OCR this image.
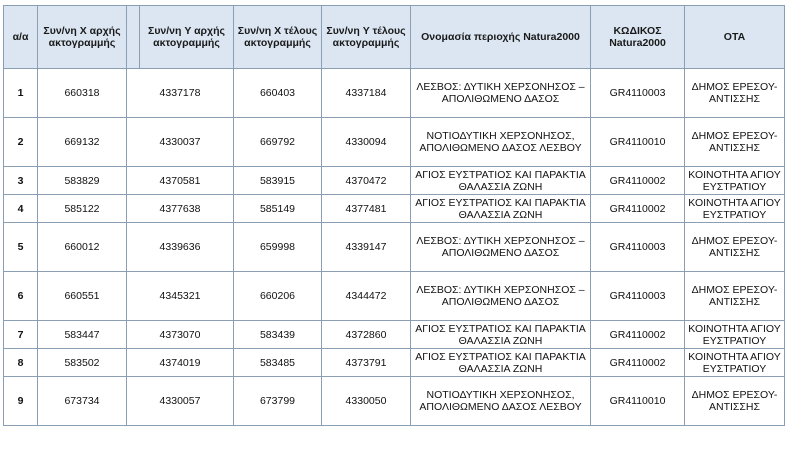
α/α	Συν/νη X αρχής ακτογραμμής		Συν/νη Y αρχής ακτογραμμής	Συν/νη X τέλους ακτογραμμής	Συν/νη Y τέλους ακτογραμμής	Ονομασία περιοχής Natura2000	ΚΩΔΙΚΟΣ Natura2000	ΟΤΑ
1	660318	4337178		660403	4337184	ΛΕΣΒΟΣ: ΔΥΤΙΚΗ ΧΕΡΣΟΝΗΣΟΣ – ΑΠΟΛΙΘΩΜΕΝΟ ΔΑΣΟΣ	GR4110003	ΔΗΜΟΣ ΕΡΕΣΟΥ-ΑΝΤΙΣΣΗΣ
2	669132	4330037		669792	4330094	ΝΟΤΙΟΔΥΤΙΚΗ ΧΕΡΣΟΝΗΣΟΣ, ΑΠΟΛΙΘΩΜΕΝΟ ΔΑΣΟΣ ΛΕΣΒΟΥ	GR4110010	ΔΗΜΟΣ ΕΡΕΣΟΥ-ΑΝΤΙΣΣΗΣ
3	583829	4370581		583915	4370472	ΑΓΙΟΣ ΕΥΣΤΡΑΤΙΟΣ ΚΑΙ ΠΑΡΑΚΤΙΑ ΘΑΛΑΣΣΙΑ ΖΩΝΗ	GR4110002	ΚΟΙΝΟΤΗΤΑ ΑΓΙΟΥ ΕΥΣΤΡΑΤΙΟΥ
4	585122	4377638		585149	4377481	ΑΓΙΟΣ ΕΥΣΤΡΑΤΙΟΣ ΚΑΙ ΠΑΡΑΚΤΙΑ ΘΑΛΑΣΣΙΑ ΖΩΝΗ	GR4110002	ΚΟΙΝΟΤΗΤΑ ΑΓΙΟΥ ΕΥΣΤΡΑΤΙΟΥ
5	660012	4339636		659998	4339147	ΛΕΣΒΟΣ: ΔΥΤΙΚΗ ΧΕΡΣΟΝΗΣΟΣ – ΑΠΟΛΙΘΩΜΕΝΟ ΔΑΣΟΣ	GR4110003	ΔΗΜΟΣ ΕΡΕΣΟΥ-ΑΝΤΙΣΣΗΣ
6	660551	4345321		660206	4344472	ΛΕΣΒΟΣ: ΔΥΤΙΚΗ ΧΕΡΣΟΝΗΣΟΣ – ΑΠΟΛΙΘΩΜΕΝΟ ΔΑΣΟΣ	GR4110003	ΔΗΜΟΣ ΕΡΕΣΟΥ-ΑΝΤΙΣΣΗΣ
7	583447	4373070		583439	4372860	ΑΓΙΟΣ ΕΥΣΤΡΑΤΙΟΣ ΚΑΙ ΠΑΡΑΚΤΙΑ ΘΑΛΑΣΣΙΑ ΖΩΝΗ	GR4110002	ΚΟΙΝΟΤΗΤΑ ΑΓΙΟΥ ΕΥΣΤΡΑΤΙΟΥ
8	583502	4374019		583485	4373791	ΑΓΙΟΣ ΕΥΣΤΡΑΤΙΟΣ ΚΑΙ ΠΑΡΑΚΤΙΑ ΘΑΛΑΣΣΙΑ ΖΩΝΗ	GR4110002	ΚΟΙΝΟΤΗΤΑ ΑΓΙΟΥ ΕΥΣΤΡΑΤΙΟΥ
9	673734	4330057		673799	4330050	ΝΟΤΙΟΔΥΤΙΚΗ ΧΕΡΣΟΝΗΣΟΣ, ΑΠΟΛΙΘΩΜΕΝΟ ΔΑΣΟΣ ΛΕΣΒΟΥ	GR4110010	ΔΗΜΟΣ ΕΡΕΣΟΥ-ΑΝΤΙΣΣΗΣ
